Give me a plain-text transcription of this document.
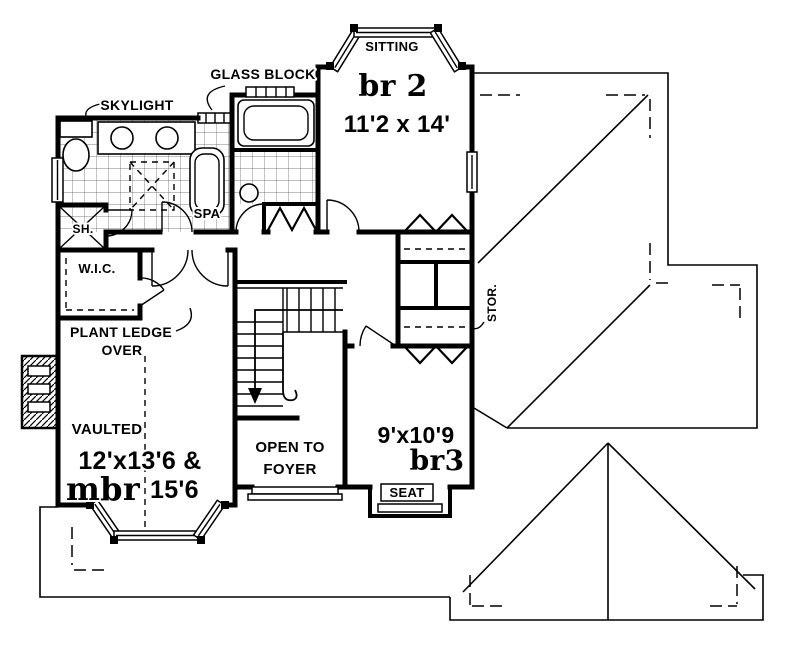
SITTING
GLASS BLOCK
SKYLIGHT
br 2
11'2 x 14'
SPA
SH.
W.I.C.
PLANT LEDGE
OVER
STOR.
VAULTED
12'x13'6 &
mbr 15'6
OPEN TO
FOYER
9'x10'9
br3
SEAT
